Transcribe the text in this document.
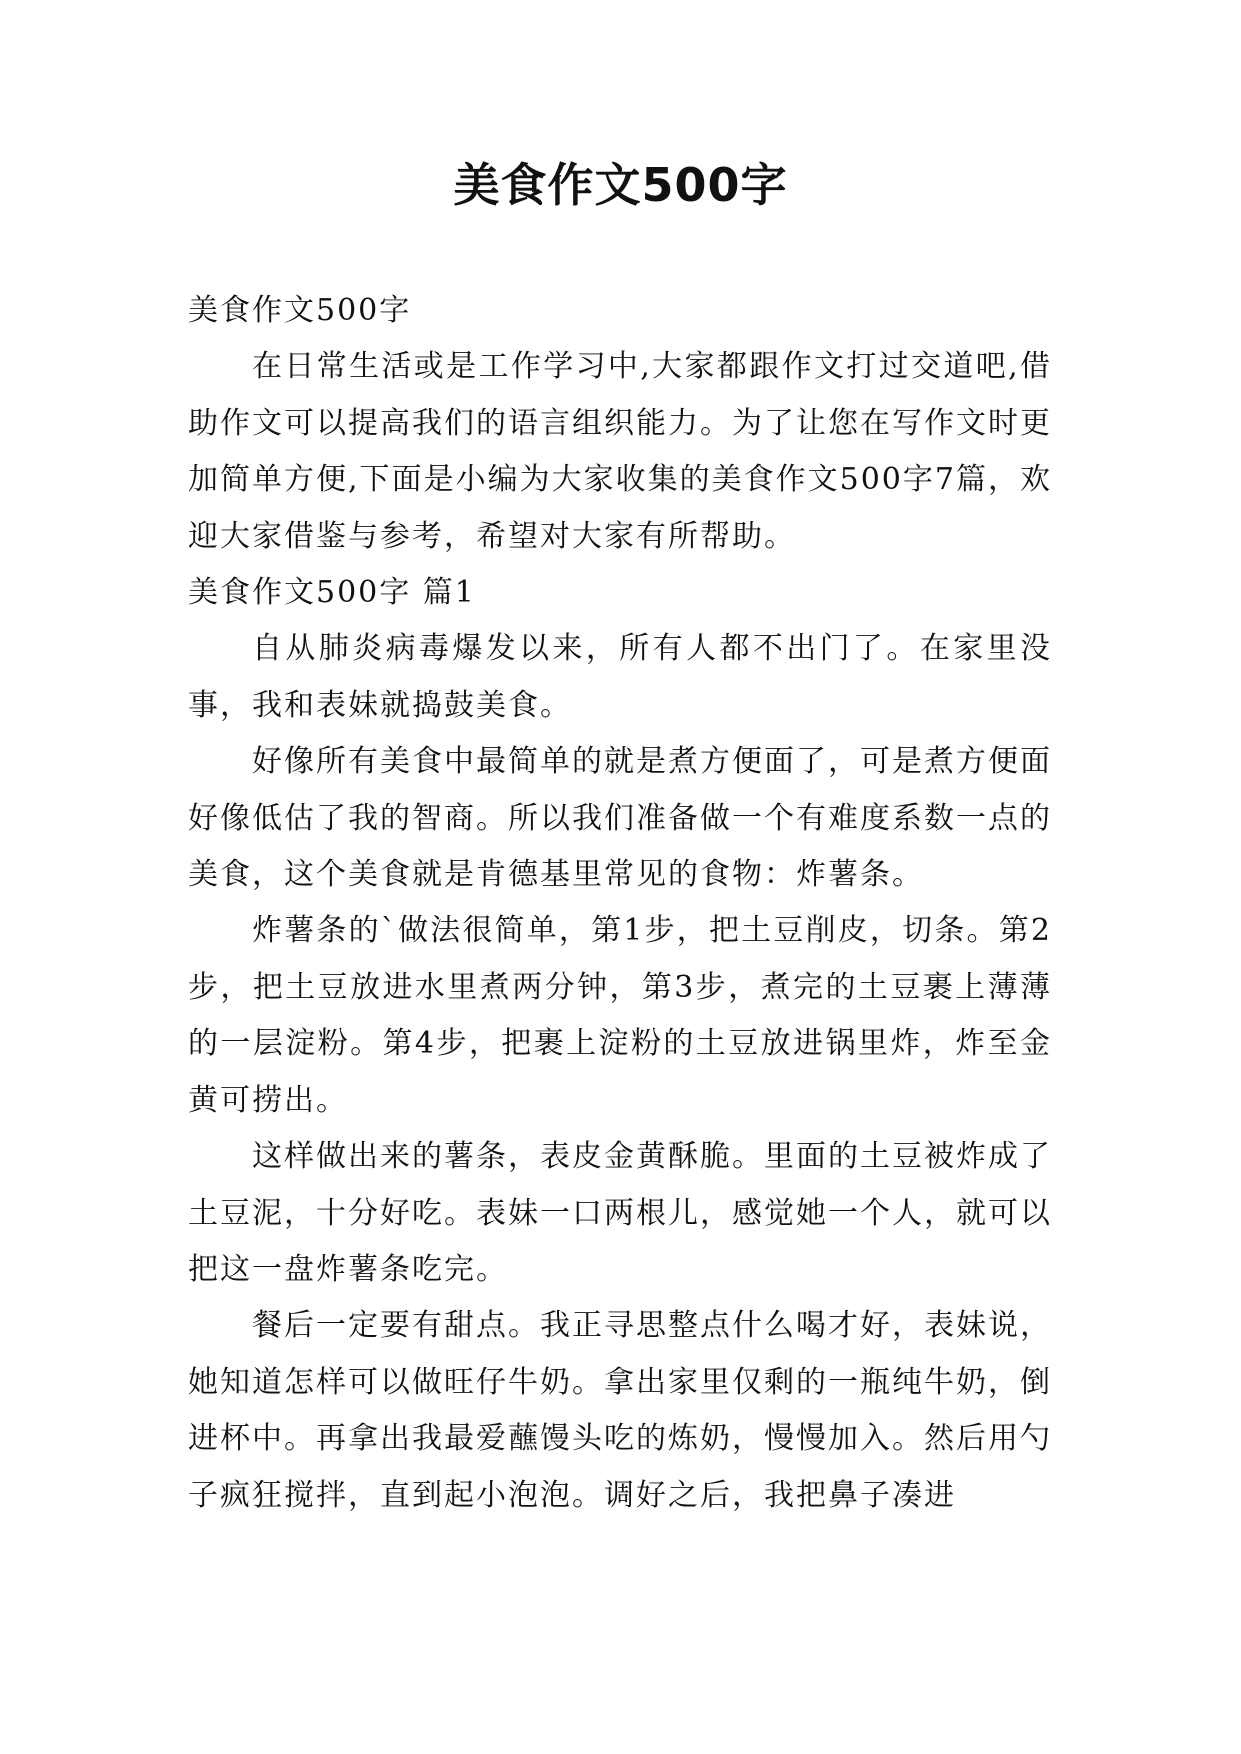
美食作文500字

美食作文500字

在日常生活或是工作学习中,大家都跟作文打过交道吧,借助作文可以提高我们的语言组织能力。为了让您在写作文时更加简单方便,下面是小编为大家收集的美食作文500字7篇，欢迎大家借鉴与参考，希望对大家有所帮助。

美食作文500字 篇1

自从肺炎病毒爆发以来，所有人都不出门了。在家里没事，我和表妹就捣鼓美食。

好像所有美食中最简单的就是煮方便面了，可是煮方便面好像低估了我的智商。所以我们准备做一个有难度系数一点的美食，这个美食就是肯德基里常见的食物：炸薯条。

炸薯条的`做法很简单，第1步，把土豆削皮，切条。第2步，把土豆放进水里煮两分钟，第3步，煮完的土豆裹上薄薄的一层淀粉。第4步，把裹上淀粉的土豆放进锅里炸，炸至金黄可捞出。

这样做出来的薯条，表皮金黄酥脆。里面的土豆被炸成了土豆泥，十分好吃。表妹一口两根儿，感觉她一个人，就可以把这一盘炸薯条吃完。

餐后一定要有甜点。我正寻思整点什么喝才好，表妹说，她知道怎样可以做旺仔牛奶。拿出家里仅剩的一瓶纯牛奶，倒进杯中。再拿出我最爱蘸馒头吃的炼奶，慢慢加入。然后用勺子疯狂搅拌，直到起小泡泡。调好之后，我把鼻子凑进
